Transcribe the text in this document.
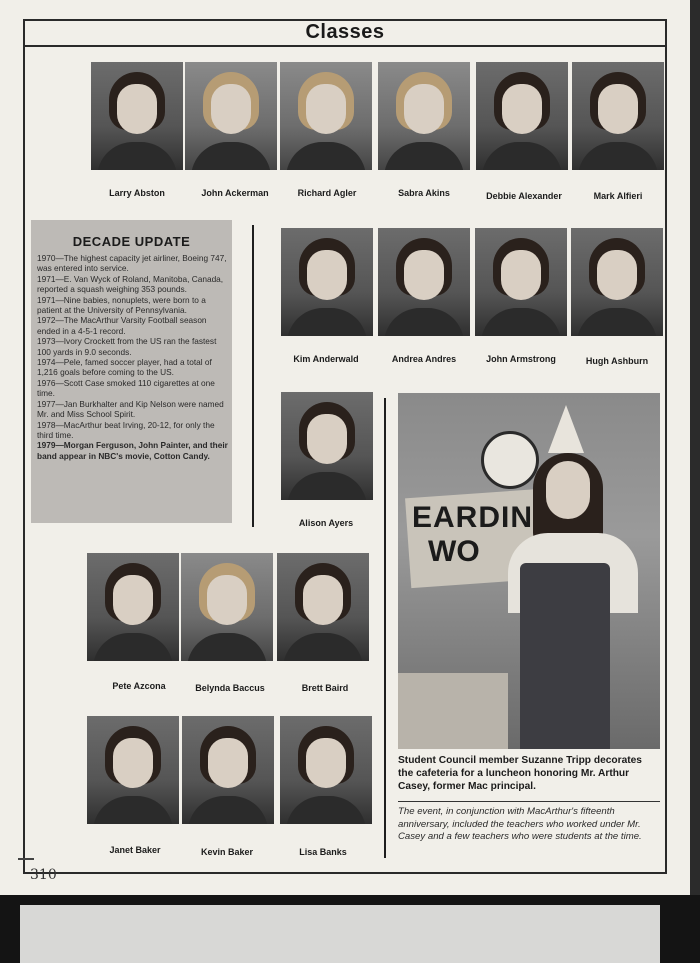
Classes
Larry Abston	John Ackerman	Richard Agler	Sabra Akins	Debbie Alexander	Mark Alfieri
DECADE UPDATE

1970—The highest capacity jet airliner, Boeing 747, was entered into service.

1971—E. Van Wyck of Roland, Manitoba, Canada, reported a squash weighing 353 pounds.

1971—Nine babies, nonuplets, were born to a patient at the University of Pennsylvania.

1972—The MacArthur Varsity Football season ended in a 4-5-1 record.

1973—Ivory Crockett from the US ran the fastest 100 yards in 9.0 seconds.

1974—Pele, famed soccer player, had a total of 1,216 goals before coming to the US.

1976—Scott Case smoked 110 cigarettes at one time.

1977—Jan Burkhalter and Kip Nelson were named Mr. and Miss School Spirit.

1978—MacArthur beat Irving, 20-12, for only the third time.

1979—Morgan Ferguson, John Painter, and their band appear in NBC's movie, Cotton Candy.

Kim Anderwald	Andrea Andres	John Armstrong	Hugh Ashburn
Alison Ayers	EARDIN
WO
Student Council member Suzanne Tripp decorates the cafeteria for a luncheon honoring Mr. Arthur Casey, former Mac principal.
The event, in conjunction with MacArthur's fifteenth anniversary, included the teachers who worked under Mr. Casey and a few teachers who were students at the time.
Pete Azcona	Belynda Baccus	Brett Baird
Janet Baker	Kevin Baker	Lisa Banks
310
